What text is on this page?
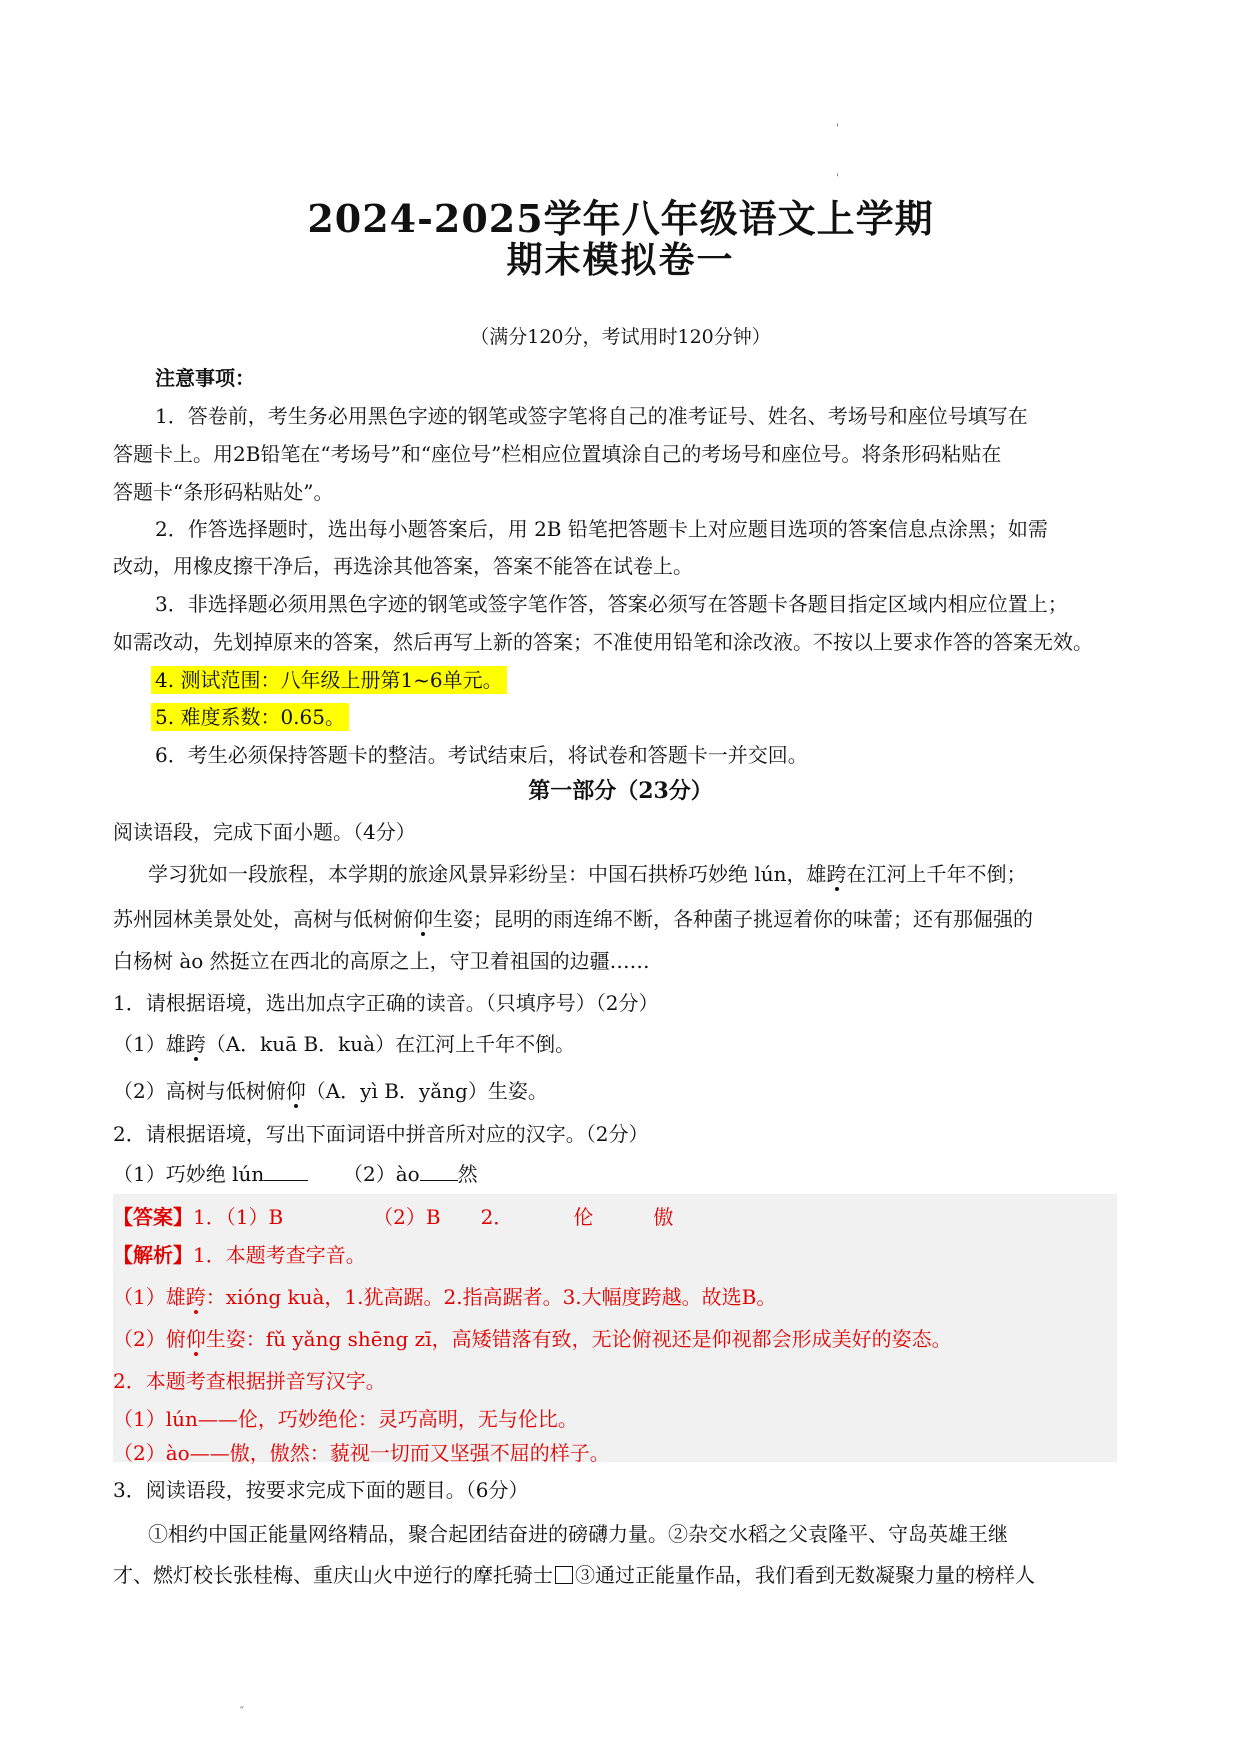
'
'
″
2024-2025学年八年级语文上学期
期末模拟卷一
（满分120分，考试用时120分钟）
注意事项：
1．答卷前，考生务必用黑色字迹的钢笔或签字笔将自己的准考证号、姓名、考场号和座位号填写在
答题卡上。用2B铅笔在“考场号”和“座位号”栏相应位置填涂自己的考场号和座位号。将条形码粘贴在
答题卡“条形码粘贴处”。
2．作答选择题时，选出每小题答案后，用 2B 铅笔把答题卡上对应题目选项的答案信息点涂黑；如需
改动，用橡皮擦干净后，再选涂其他答案，答案不能答在试卷上。
3．非选择题必须用黑色字迹的钢笔或签字笔作答，答案必须写在答题卡各题目指定区域内相应位置上；
如需改动，先划掉原来的答案，然后再写上新的答案；不准使用铅笔和涂改液。不按以上要求作答的答案无效。
4. 测试范围：八年级上册第1~6单元。
5. 难度系数：0.65。
6．考生必须保持答题卡的整洁。考试结束后，将试卷和答题卡一并交回。
第一部分（23分）
阅读语段，完成下面小题。（4分）
学习犹如一段旅程，本学期的旅途风景异彩纷呈：中国石拱桥巧妙绝 lún，雄跨在江河上千年不倒；
苏州园林美景处处，高树与低树俯仰生姿；昆明的雨连绵不断，各种菌子挑逗着你的味蕾；还有那倔强的
白杨树 ào 然挺立在西北的高原之上，守卫着祖国的边疆……
1．请根据语境，选出加点字正确的读音。（只填序号）（2分）
（1）雄跨（A．kuā B．kuà）在江河上千年不倒。
（2）高树与低树俯仰（A．yì B．yǎng）生姿。
2．请根据语境，写出下面词语中拼音所对应的汉字。（2分）
（1）巧妙绝 lún	（2）ào 然
【答案】1．（1）B	（2）B 2．	伦	傲
【解析】1．本题考查字音。
（1）雄跨：xióng kuà，1.犹高踞。2.指高踞者。3.大幅度跨越。故选B。
（2）俯仰生姿：fǔ yǎng shēng zī，高矮错落有致，无论俯视还是仰视都会形成美好的姿态。
2．本题考查根据拼音写汉字。
（1）lún——伦，巧妙绝伦：灵巧高明，无与伦比。
（2）ào——傲，傲然：藐视一切而又坚强不屈的样子。
3．阅读语段，按要求完成下面的题目。（6分）
①相约中国正能量网络精品，聚合起团结奋进的磅礴力量。②杂交水稻之父袁隆平、守岛英雄王继
才、燃灯校长张桂梅、重庆山火中逆行的摩托骑士 ③通过正能量作品，我们看到无数凝聚力量的榜样人
